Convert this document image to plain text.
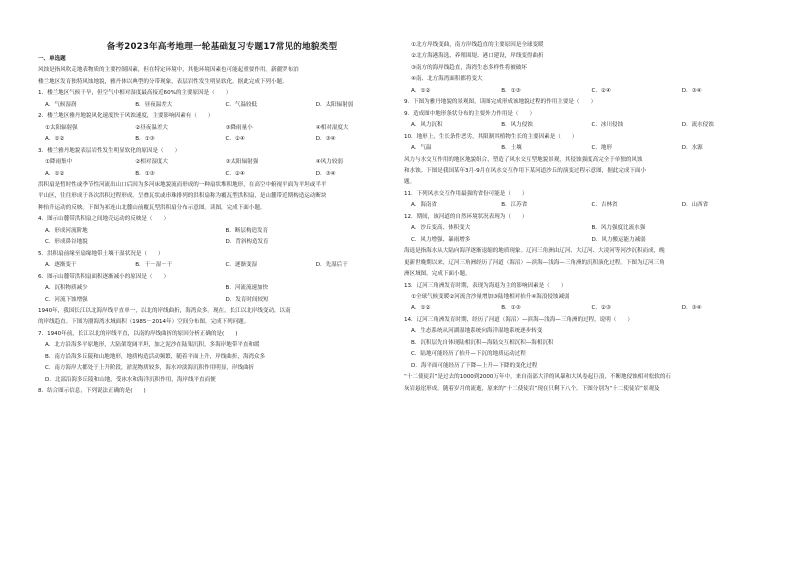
备考2023年高考地理一轮基础复习专题17常见的地貌类型
一、单选题
风蚀是指风吹走地表物质的主要控制因素，但在特定环境中，其他环境因素也可能起重要作用。新疆罗布泊
楼兰地区发育独特风蚀地貌，雅丹体以典型的分带现象，表层岩性发生明显软化。据此完成下列小题。
1．楼兰地区气候干旱，但空气中相对湿度最高接近60%的主要原因是（　　）
A．气候湿润	B．昼夜温差大	C．气温较低	D．太阳辐射弱
2．楼兰地区雅丹地貌风化速度快于风蚀速度，主要影响因素有（　　）
①太阳辐射强	②昼夜温差大	③降雨量小	④相对湿度大
A．①②	B．①③	C．②④	D．③④
3．楼兰雅丹地貌表层岩性发生明显软化的原因是（　　）
①降雨集中	②相对湿度大	③太阳辐射强	④风力较弱
A．①②	B．①③	C．②④	D．③④
洪积扇是暂时性或季节性河流出山口后因为多河床地貌流而形成的一种扇状堆积地形，在高空中俯视平面为平坦或半平
平山区，往往形成于各次洪积过程形成。呈叠瓦状或串珠排列的洪积扇称为覆瓦型洪积扇，是山麓带近期构造运动断块
种抬升运动的反映。下图为祁连山北麓山前覆瓦型洪积扇分布示意图。读图，完成下面小题。
4．图示山麓带洪积扇之间地壳运动的反映是（　　）
A．形成河流阶地	B．断层构造发育
C．形成鼻谷地貌	D．背斜构造发育
5．洪积扇前缘至扇缘地带土壤干湿状况是（　　）
A．逐渐变干	B．干－湿－干	C．逐渐变湿	D．先湿后干
6．图示山麓带洪积扇面积逐渐减小的原因是（　　）
A．沉积物质减少	B．河流流速加快
C．河流下蚀增强	D．发育时间较短
1940年，我国长江以北海岸线平直单一，以北的岸线曲折，海湾众多。现在，长江以北岸线变动，以南
的岸线趋直。下图为渤海湾水域面积（1985－2014年）空间分布图。完成下列问题。
7．1940年前，长江以北的岸线平直，以南的岸线曲折的原因分析正确的是(　　)
A．北方沿海多平原地形，大陆架宽阔平坦，加之泥沙在陆架沉积，多海岸地带平直和缓
B．南方沿海多丘陵和山地地形，地质构造活动频繁，随着平面上升，岸线曲折，海湾众多
C．南方海岸大都处于上升阶段，淤泥物质较多，海水冲淡海沉积作用明显，岸线曲折
D．北部沿海多丘陵和山地，受冰水和海洋沉积作用，海岸线平直而便
8．结合图示信息，下列说法正确的是(　　)
①北方岸线变曲，南方岸线趋直的主要原因是全球变暖
②北方海港海选、养殖围堤、港口建设，岸线变得曲折
③南方的海岸线趋直，海湾生态多样性将被破坏
④南、北方海湾面积都将变大
A．①②	B．①③	C．②④	D．③④
9．下图为雅丹地貌的景观图，读图完成形成该地貌过程的作用主要是（　　）
9．造成图中地形条状分布的主要外力作用是（　　）
A．风力沉积	B．风力侵蚀	C．冰川侵蚀	D．流水侵蚀
10．地形上，生长条件恶劣，其限制其植物生长的主要因素是（　　）
A．气温	B．土壤	C．地形	D．水源
风力与水交互作用的地区地貌组合，塑造了风水交互型地貌景观，其侵蚀强度高完全于单独的风蚀
和水蚀。下图是我国某年3月-9月在风水交互作用下某河道沙丘的演变过程示意图，据此完成下面小
题。
11．下列风水交互作用最强的省份可能是（　　）
A．海南省	B．江苏省	C．吉林省	D．山西省
12．期间，该河道的自然环境状况表现为（　　）
A．沙丘变高、体积变大	B．风力强度比流水强
C．风力增强、暴雨增多	D．风力搬运能力减弱
海退是指海水从大陆向海洋逐渐退缩的地质现象。辽河三角洲由辽河、大辽河、大凌河等河沙沉积而成，晚
更新世晚期以来，辽河三角洲经历了河道（海沼）—滨海—浅海—三角洲的沉积演化过程。下图为辽河三角
洲区域图。完成下面小题。
13．辽河三角洲发育时期，表现为海退为主的影响因素是（　　）
①全球气候变暖②河流含沙量增加③陆地相对抬升④海浪侵蚀减弱
A．①②	B．①③	C．②③	D．③④
14．辽河三角洲发育时期，经历了河道（海沼）—滨海—浅海—三角洲的过程，说明（　　）
A．生态系统从河湖湿地系统向海洋湿地系统逐步转变
B．沉积层先自体现陆相沉积—海陆交互相沉积—海相沉积
C．陆地可能经历了抬升—下沉的地质运动过程
D．海平面可能经历了下降—上升—下降的变化过程
“十二使徒岩”是过去的1000到2000万年中，来自南部大洋的风暴和大风卷起巨浪，不断地侵蚀相对松软的石
灰岩悬崖形成。随着岁月的流逝，原来的“十二使徒岩”现在只剩下八个。下图分别为“十二使徒岩”景观及
